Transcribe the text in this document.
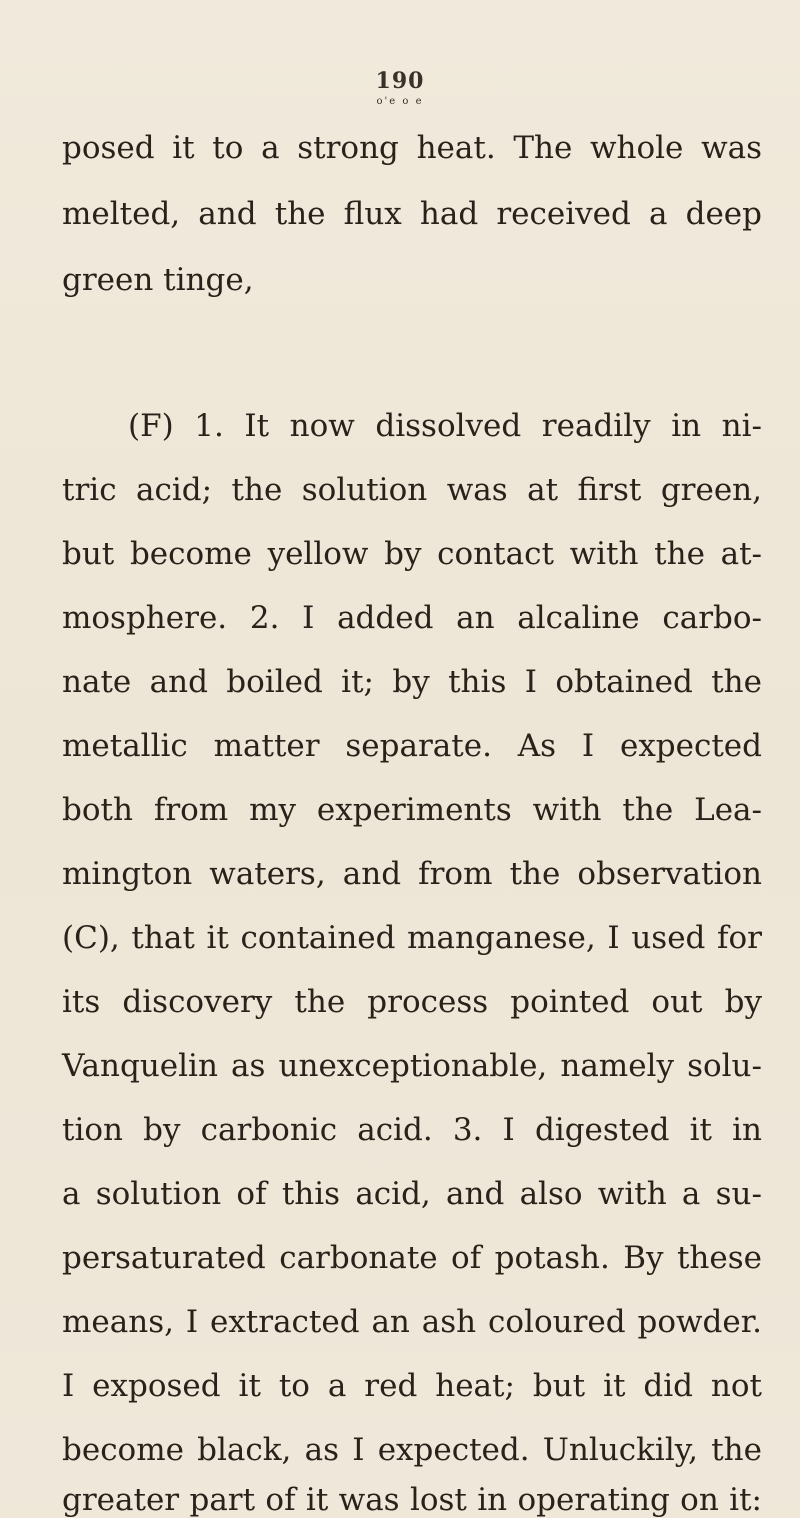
190
o'e o e
posed it to a strong heat. The whole was
melted, and the flux had received a deep
green tinge,
(F) 1. It now dissolved readily in ni-
tric acid; the solution was at first green,
but become yellow by contact with the at-
mosphere. 2. I added an alcaline carbo-
nate and boiled it; by this I obtained the
metallic matter separate. As I expected
both from my experiments with the Lea-
mington waters, and from the observation
(C), that it contained manganese, I used for
its discovery the process pointed out by
Vanquelin as unexceptionable, namely solu-
tion by carbonic acid. 3. I digested it in
a solution of this acid, and also with a su-
persaturated carbonate of potash. By these
means, I extracted an ash coloured powder.
I exposed it to a red heat; but it did not
become black, as I expected. Unluckily, the
greater part of it was lost in operating on it:
